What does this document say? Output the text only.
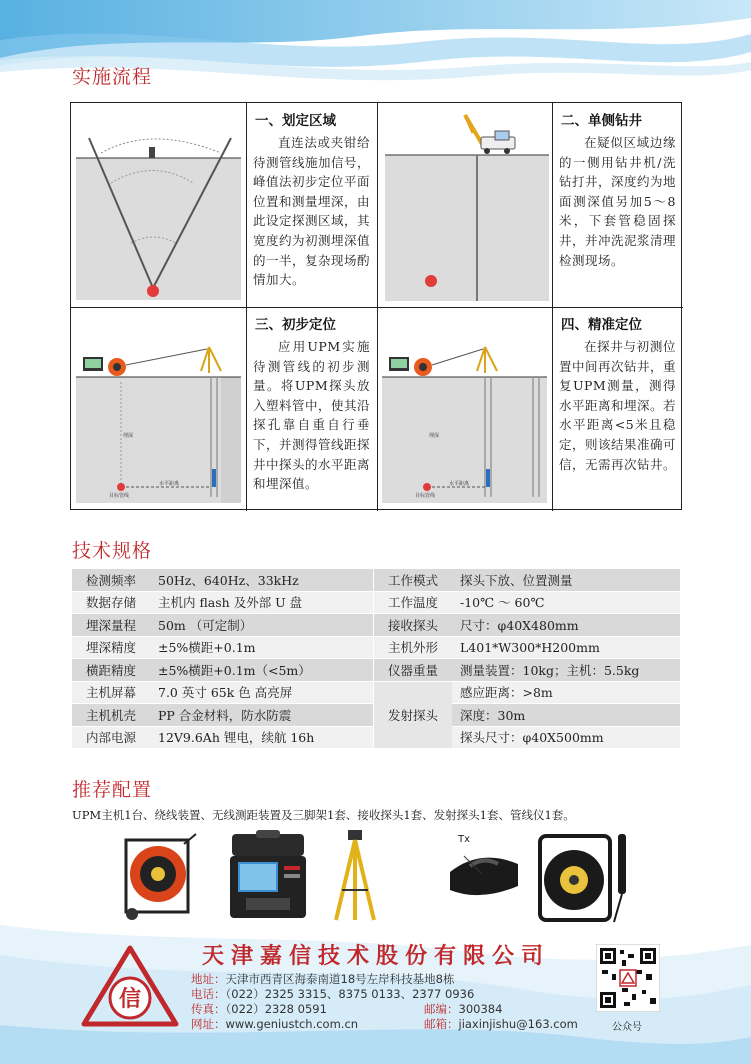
实施流程
一、划定区域
直连法或夹钳给待测管线施加信号，峰值法初步定位平面位置和测量埋深，由此设定探测区域，其宽度约为初测埋深值的一半，复杂现场酌情加大。
二、单侧钻井
在疑似区域边缘的一侧用钻井机/洗钻打井，深度约为地面测深值另加5～8米，下套管稳固探井，并冲洗泥浆清理检测现场。
埋深
目标管线
水平距离
三、初步定位
应用UPM实施待测管线的初步测量。将UPM探头放入塑料管中，使其沿探孔靠自重自行垂下，并测得管线距探井中探头的水平距离和埋深值。
埋深
目标管线
水平距离
四、精准定位
在探井与初测位置中间再次钻井，重复UPM测量，测得水平距离和埋深。若水平距离<5米且稳定，则该结果准确可信，无需再次钻井。
技术规格
检测频率	50Hz、640Hz、33kHz	工作模式	探头下放、位置测量
数据存储	主机内 flash 及外部 U 盘	工作温度	-10℃ ～ 60℃
埋深量程	50m （可定制）	接收探头	尺寸：φ40X480mm
埋深精度	±5%横距+0.1m	主机外形	L401*W300*H200mm
横距精度	±5%横距+0.1m（<5m）	仪器重量	测量装置：10kg；主机：5.5kg
主机屏幕	7.0 英寸 65k 色 高亮屏	发射探头	感应距离：>8m
主机机壳	PP 合金材料，防水防震		深度：30m
内部电源	12V9.6Ah 锂电，续航 16h		探头尺寸：φ40X500mm
推荐配置
UPM主机1台、绕线装置、无线测距装置及三脚架1套、接收探头1套、发射探头1套、管线仪1套。
Tx
信
天津嘉信技术股份有限公司
地址：天津市西青区海泰南道18号左岸科技基地8栋
电话：（022）2325 3315、8375 0133、2377 0936
传真：（022）2328 0591	邮编：300384
网址：www.geniustch.com.cn	邮箱：jiaxinjishu@163.com	公众号
